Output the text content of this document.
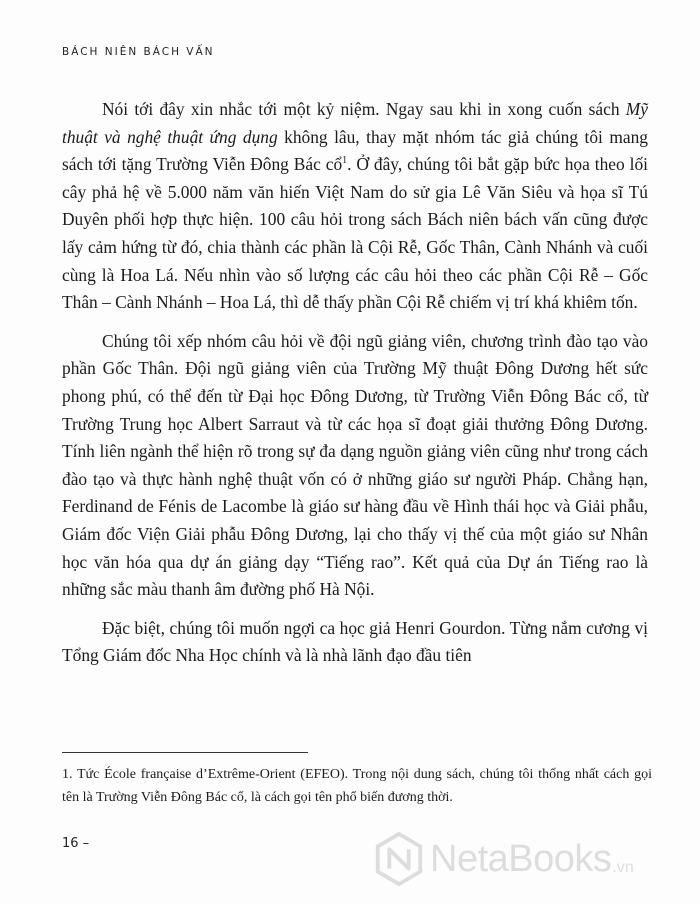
BÁCH NIÊN BÁCH VẤN

Nói tới đây xin nhắc tới một kỷ niệm. Ngay sau khi in xong cuốn sách Mỹ thuật và nghệ thuật ứng dụng không lâu, thay mặt nhóm tác giả chúng tôi mang sách tới tặng Trường Viễn Đông Bác cổ$^1$. Ở đây, chúng tôi bắt gặp bức họa theo lối cây phả hệ về 5.000 năm văn hiến Việt Nam do sử gia Lê Văn Siêu và họa sĩ Tú Duyên phối hợp thực hiện. 100 câu hỏi trong sách Bách niên bách vấn cũng được lấy cảm hứng từ đó, chia thành các phần là Cội Rễ, Gốc Thân, Cành Nhánh và cuối cùng là Hoa Lá. Nếu nhìn vào số lượng các câu hỏi theo các phần Cội Rễ – Gốc Thân – Cành Nhánh – Hoa Lá, thì dễ thấy phần Cội Rễ chiếm vị trí khá khiêm tốn.

Chúng tôi xếp nhóm câu hỏi về đội ngũ giảng viên, chương trình đào tạo vào phần Gốc Thân. Đội ngũ giảng viên của Trường Mỹ thuật Đông Dương hết sức phong phú, có thể đến từ Đại học Đông Dương, từ Trường Viễn Đông Bác cổ, từ Trường Trung học Albert Sarraut và từ các họa sĩ đoạt giải thưởng Đông Dương. Tính liên ngành thể hiện rõ trong sự đa dạng nguồn giảng viên cũng như trong cách đào tạo và thực hành nghệ thuật vốn có ở những giáo sư người Pháp. Chẳng hạn, Ferdinand de Fénis de Lacombe là giáo sư hàng đầu về Hình thái học và Giải phẫu, Giám đốc Viện Giải phẫu Đông Dương, lại cho thấy vị thế của một giáo sư Nhân học văn hóa qua dự án giảng dạy “Tiếng rao”. Kết quả của Dự án Tiếng rao là những sắc màu thanh âm đường phố Hà Nội.

Đặc biệt, chúng tôi muốn ngợi ca học giả Henri Gourdon. Từng nắm cương vị Tổng Giám đốc Nha Học chính và là nhà lãnh đạo đầu tiên

1. Tức École française d’Extrême-Orient (EFEO). Trong nội dung sách, chúng tôi thống nhất cách gọi tên là Trường Viễn Đông Bác cổ, là cách gọi tên phổ biến đương thời.

16 –	NetaBooks .vn
